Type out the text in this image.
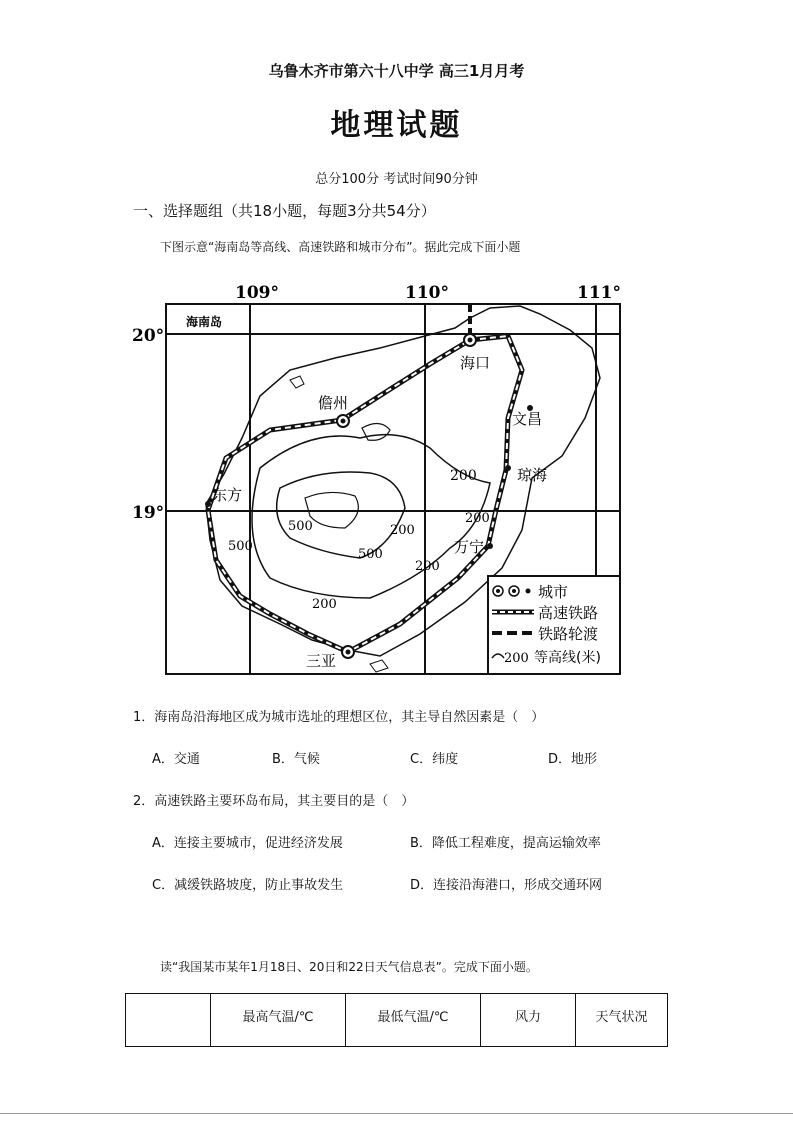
乌鲁木齐市第六十八中学 高三1月月考
地理试题
总分100分 考试时间90分钟
一、选择题组（共18小题，每题3分共54分）
下图示意“海南岛等高线、高速铁路和城市分布”。据此完成下面小题
109°	110°	111°
20°
19°
海南岛
200
200
200
500
500
500
200
200
海口
儋州
文昌
琼海
东方
万宁
三亚
城市
高速铁路
铁路轮渡
200 等高线(米)
1．海南岛沿海地区成为城市选址的理想区位，其主导自然因素是（　）
A．交通	B．气候	C．纬度	D．地形
2．高速铁路主要环岛布局，其主要目的是（　）
A．连接主要城市，促进经济发展	B．降低工程难度，提高运输效率
C．减缓铁路坡度，防止事故发生	D．连接沿海港口，形成交通环网
读“我国某市某年1月18日、20日和22日天气信息表”。完成下面小题。
	最高气温/℃	最低气温/℃	风力	天气状况
